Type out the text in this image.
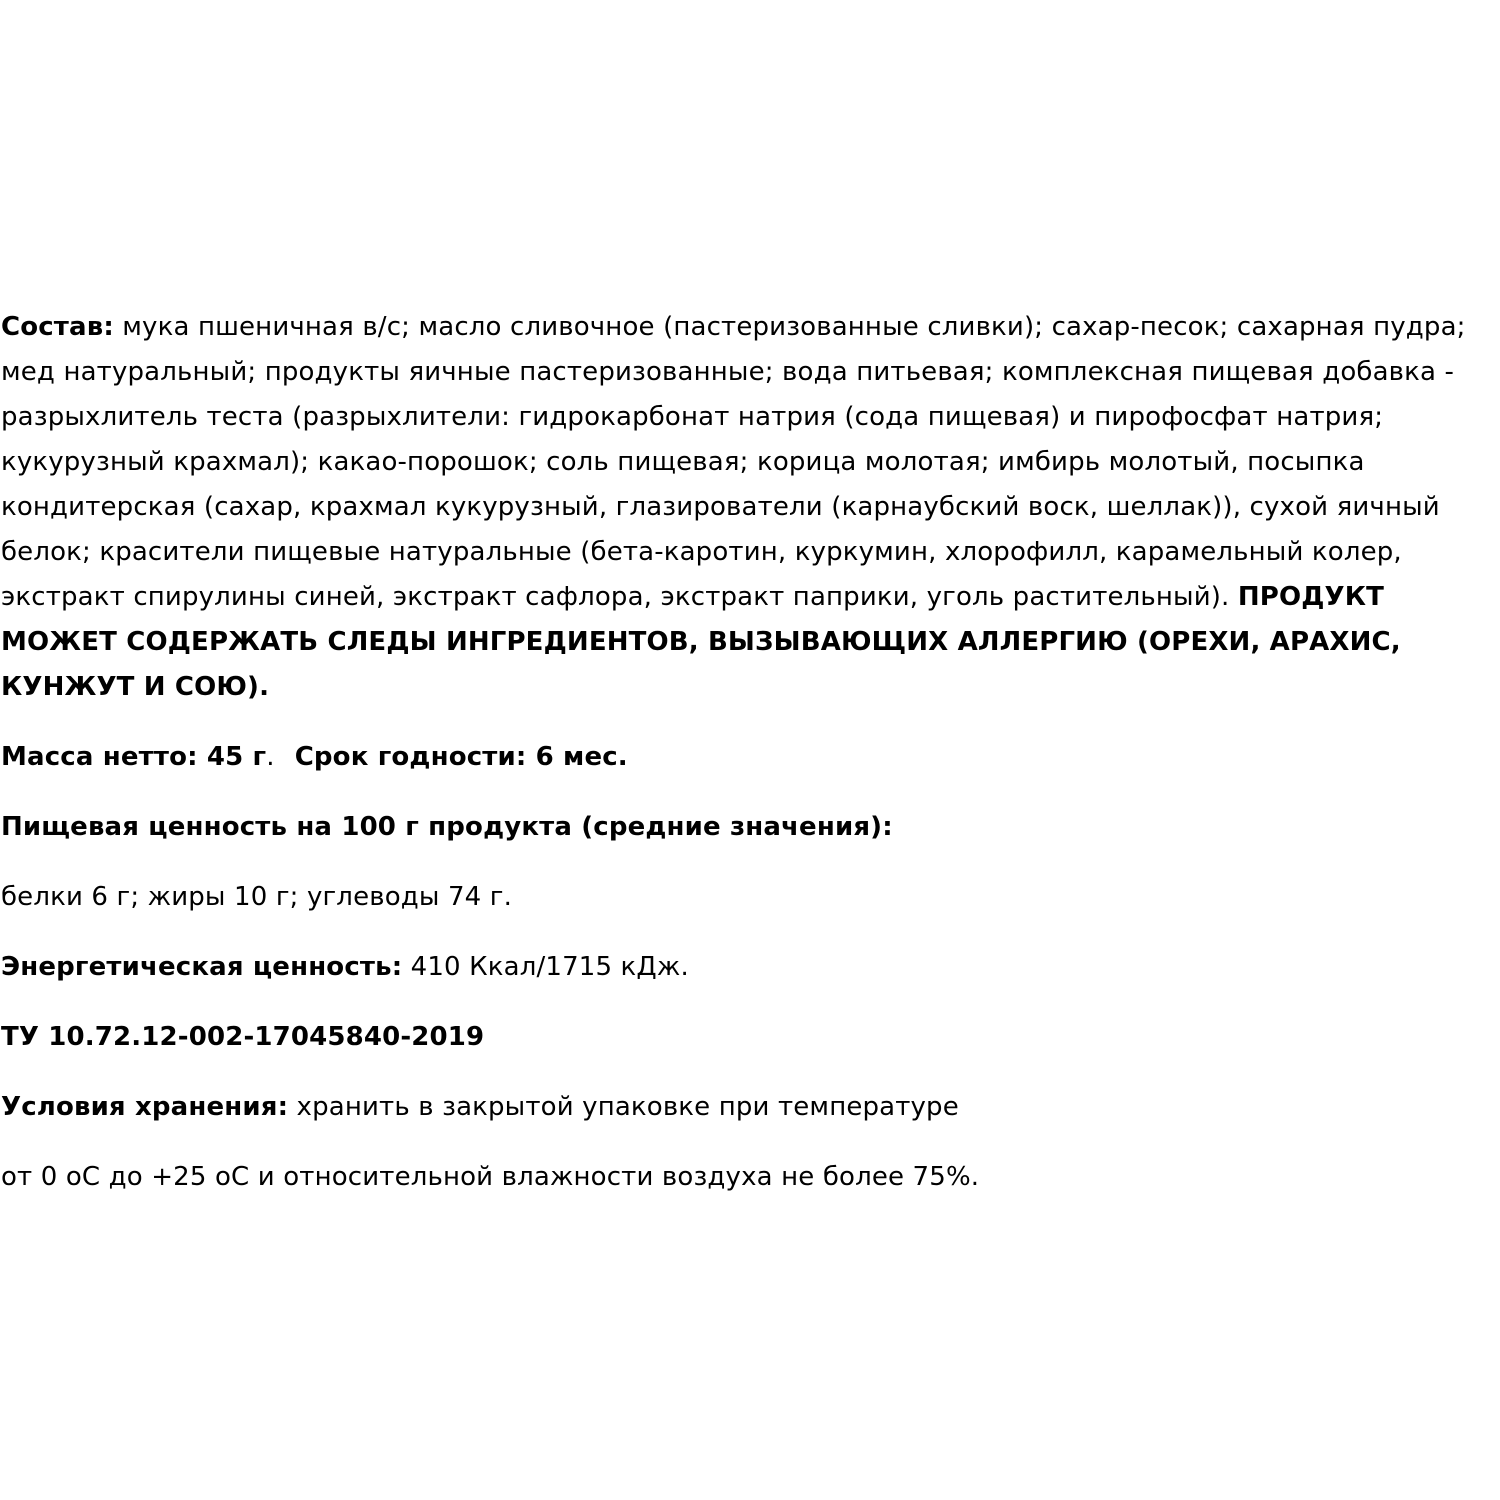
Состав: мука пшеничная в/с; масло сливочное (пастеризованные сливки); сахар-песок; сахарная пудра; мед натуральный; продукты яичные пастеризованные; вода питьевая; комплексная пищевая добавка - разрыхлитель теста (разрыхлители: гидрокарбонат натрия (сода пищевая) и пирофосфат натрия; кукурузный крахмал); какао-порошок; соль пищевая; корица молотая; имбирь молотый, посыпка кондитерская (сахар, крахмал кукурузный, глазирователи (карнаубский воск, шеллак)), сухой яичный белок; красители пищевые натуральные (бета-каротин, куркумин, хлорофилл, карамельный колер, экстракт спирулины синей, экстракт сафлора, экстракт паприки, уголь растительный). ПРОДУКТ МОЖЕТ СОДЕРЖАТЬ СЛЕДЫ ИНГРЕДИЕНТОВ, ВЫЗЫВАЮЩИХ АЛЛЕРГИЮ (ОРЕХИ, АРАХИС, КУНЖУТ И СОЮ).

Масса нетто: 45 г. Срок годности: 6 мес.

Пищевая ценность на 100 г продукта (средние значения):

белки 6 г; жиры 10 г; углеводы 74 г.

Энергетическая ценность: 410 Ккал/1715 кДж.

ТУ 10.72.12-002-17045840-2019

Условия хранения: хранить в закрытой упаковке при температуре

от 0 оС до +25 оС и относительной влажности воздуха не более 75%.
